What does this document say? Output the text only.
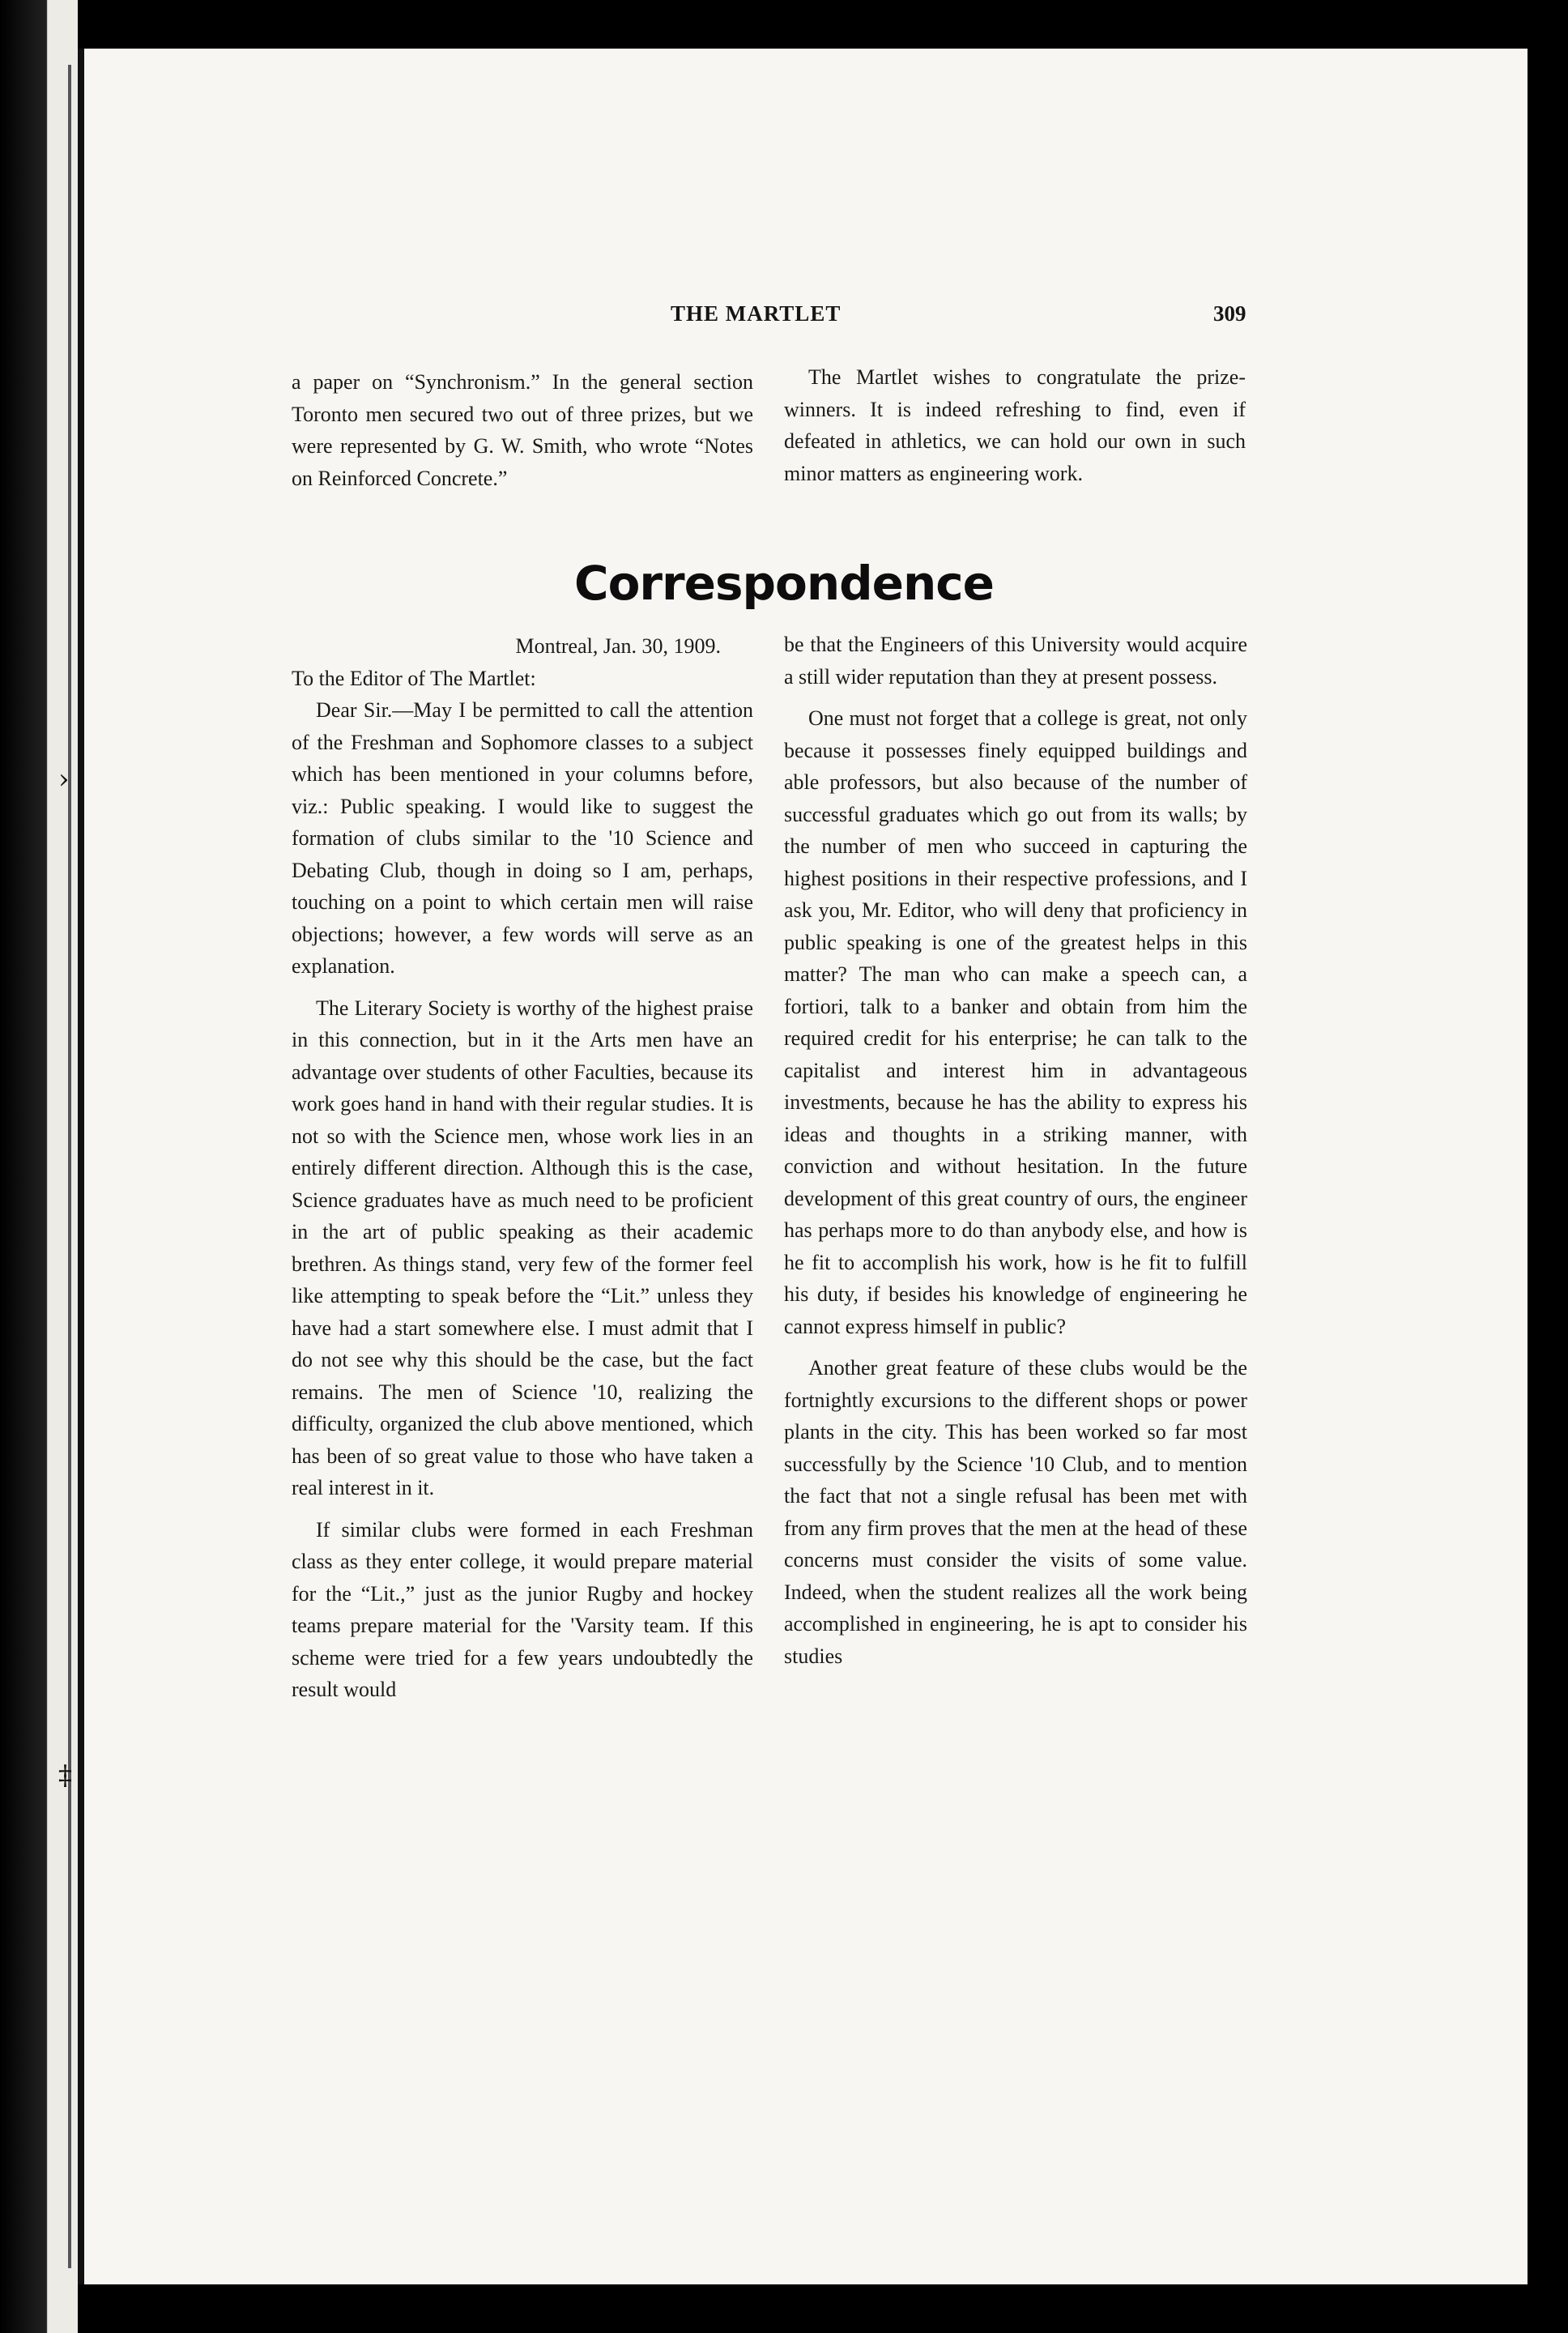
›
‡
THE MARTLET	309

a paper on “Synchronism.” In the general section Toronto men secured two out of three prizes, but we were represented by G. W. Smith, who wrote “Notes on Reinforced Concrete.”

The Martlet wishes to congratulate the prize-winners. It is indeed refreshing to find, even if defeated in athletics, we can hold our own in such minor matters as engineering work.

Correspondence

Montreal, Jan. 30, 1909.

To the Editor of The Martlet:

Dear Sir.—May I be permitted to call the attention of the Freshman and Sophomore classes to a subject which has been mentioned in your columns before, viz.: Public speaking. I would like to suggest the formation of clubs similar to the '10 Science and Debating Club, though in doing so I am, perhaps, touching on a point to which certain men will raise objections; however, a few words will serve as an explanation.

The Literary Society is worthy of the highest praise in this connection, but in it the Arts men have an advantage over students of other Faculties, because its work goes hand in hand with their regular studies. It is not so with the Science men, whose work lies in an entirely different direction. Although this is the case, Science graduates have as much need to be proficient in the art of public speaking as their academic brethren. As things stand, very few of the former feel like attempting to speak before the “Lit.” unless they have had a start somewhere else. I must admit that I do not see why this should be the case, but the fact remains. The men of Science '10, realizing the difficulty, organized the club above mentioned, which has been of so great value to those who have taken a real interest in it.

If similar clubs were formed in each Freshman class as they enter college, it would prepare material for the “Lit.,” just as the junior Rugby and hockey teams prepare material for the 'Varsity team. If this scheme were tried for a few years undoubtedly the result would

be that the Engineers of this University would acquire a still wider reputation than they at present possess.

One must not forget that a college is great, not only because it possesses finely equipped buildings and able professors, but also because of the number of successful graduates which go out from its walls; by the number of men who succeed in capturing the highest positions in their respective professions, and I ask you, Mr. Editor, who will deny that proficiency in public speaking is one of the greatest helps in this matter? The man who can make a speech can, a fortiori, talk to a banker and obtain from him the required credit for his enterprise; he can talk to the capitalist and interest him in advantageous investments, because he has the ability to express his ideas and thoughts in a striking manner, with conviction and without hesitation. In the future development of this great country of ours, the engineer has perhaps more to do than anybody else, and how is he fit to accomplish his work, how is he fit to fulfill his duty, if besides his knowledge of engineering he cannot express himself in public?

Another great feature of these clubs would be the fortnightly excursions to the different shops or power plants in the city. This has been worked so far most successfully by the Science '10 Club, and to mention the fact that not a single refusal has been met with from any firm proves that the men at the head of these concerns must consider the visits of some value. Indeed, when the student realizes all the work being accomplished in engineering, he is apt to consider his studies
